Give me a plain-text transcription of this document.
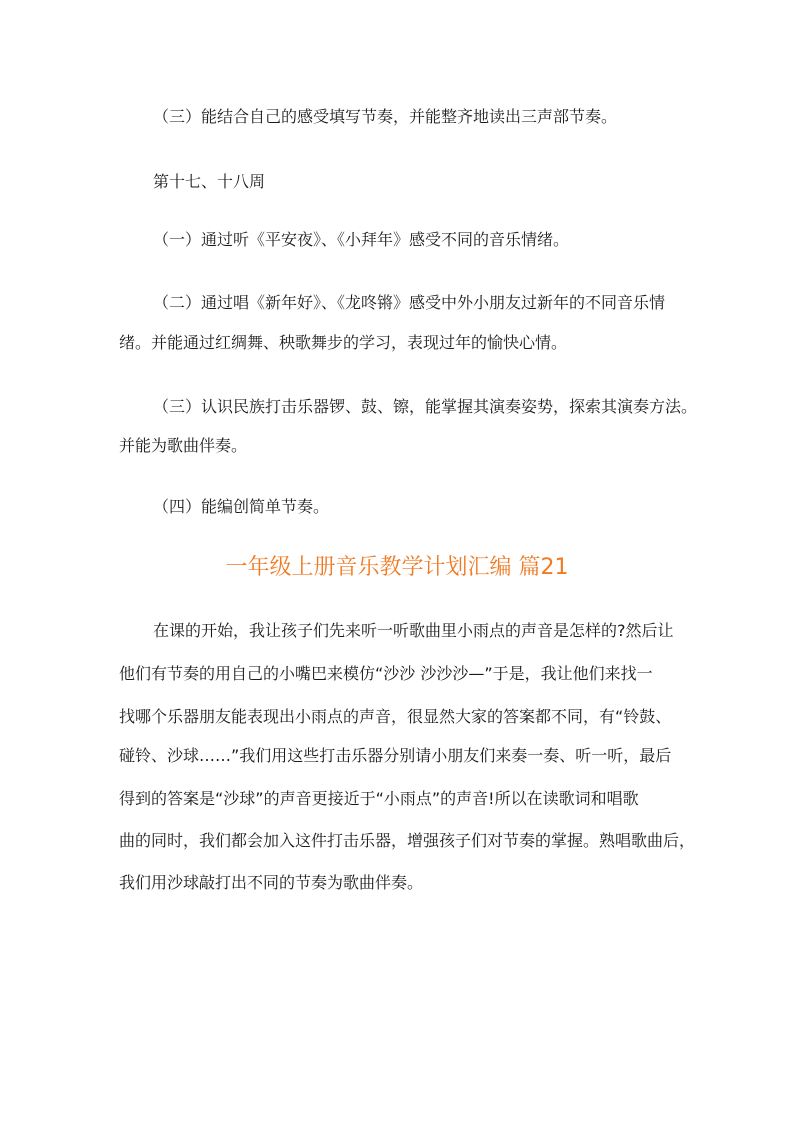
（三）能结合自己的感受填写节奏，并能整齐地读出三声部节奏。
第十七、十八周
（一）通过听《平安夜》、《小拜年》感受不同的音乐情绪。
（二）通过唱《新年好》、《龙咚锵》感受中外小朋友过新年的不同音乐情
绪。并能通过红绸舞、秧歌舞步的学习，表现过年的愉快心情。
（三）认识民族打击乐器锣、鼓、镲，能掌握其演奏姿势，探索其演奏方法。
并能为歌曲伴奏。
（四）能编创简单节奏。
一年级上册音乐教学计划汇编 篇21
在课的开始，我让孩子们先来听一听歌曲里小雨点的声音是怎样的?然后让
他们有节奏的用自己的小嘴巴来模仿“沙沙 沙沙沙—”于是，我让他们来找一
找哪个乐器朋友能表现出小雨点的声音，很显然大家的答案都不同，有“铃鼓、
碰铃、沙球……”我们用这些打击乐器分别请小朋友们来奏一奏、听一听，最后
得到的答案是“沙球”的声音更接近于“小雨点”的声音!所以在读歌词和唱歌
曲的同时，我们都会加入这件打击乐器，增强孩子们对节奏的掌握。熟唱歌曲后，
我们用沙球敲打出不同的节奏为歌曲伴奏。
